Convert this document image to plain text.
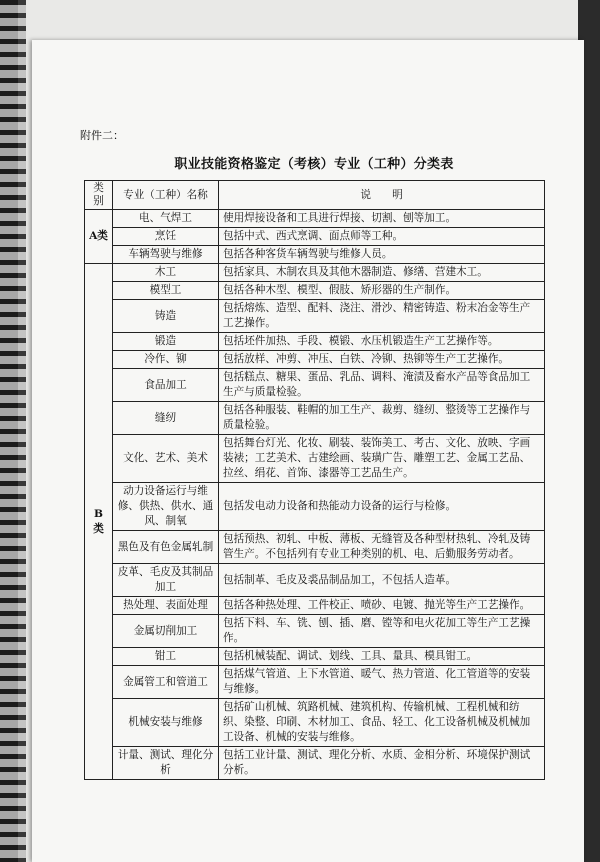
附件二：
职业技能资格鉴定（考核）专业（工种）分类表
类别	专业（工种）名称	说　　明
A类	电、气焊工	使用焊接设备和工具进行焊接、切割、刨等加工。
	烹饪	包括中式、西式烹调、面点师等工种。
	车辆驾驶与维修	包括各种客货车辆驾驶与维修人员。
B类	木工	包括家具、木制农具及其他木器制造、修缮、营建木工。
	模型工	包括各种木型、模型、假肢、矫形器的生产制作。
	铸造	包括熔炼、造型、配料、浇注、滑沙、精密铸造、粉末冶金等生产工艺操作。
	锻造	包括坯件加热、手段、模锻、水压机锻造生产工艺操作等。
	冷作、铆	包括放样、冲剪、冲压、白铁、冷铆、热铆等生产工艺操作。
	食品加工	包括糕点、糖果、蛋品、乳品、调料、淹渍及畜水产品等食品加工生产与质量检验。
	缝纫	包括各种服装、鞋帽的加工生产、裁剪、缝纫、整烫等工艺操作与质量检验。
	文化、艺术、美术	包括舞台灯光、化妆、刷装、装饰美工、考古、文化、放映、字画装裱；工艺美术、古建绘画、装璜广告、雕塑工艺、金属工艺品、拉丝、绢花、首饰、漆器等工艺品生产。
	动力设备运行与维修、供热、供水、通风、制氧	包括发电动力设备和热能动力设备的运行与检修。
	黑色及有色金属轧制	包括预热、初轧、中板、薄板、无缝管及各种型材热轧、冷轧及铸管生产。不包括列有专业工种类别的机、电、后勤服务劳动者。
	皮革、毛皮及其制品加工	包括制革、毛皮及裘品制品加工，不包括人造革。
	热处理、表面处理	包括各种热处理、工件校正、喷砂、电镀、抛光等生产工艺操作。
	金属切削加工	包括下料、车、铣、刨、插、磨、镗等和电火花加工等生产工艺操作。
	钳工	包括机械装配、调试、划线、工具、量具、模具钳工。
	金属管工和管道工	包括煤气管道、上下水管道、暖气、热力管道、化工管道等的安装与维修。
	机械安装与维修	包括矿山机械、筑路机械、建筑机构、传输机械、工程机械和纺织、染整、印刷、木材加工、食品、轻工、化工设备机械及机械加工设备、机械的安装与维修。
	计量、测试、理化分析	包括工业计量、测试、理化分析、水质、金相分析、环境保护测试分析。
